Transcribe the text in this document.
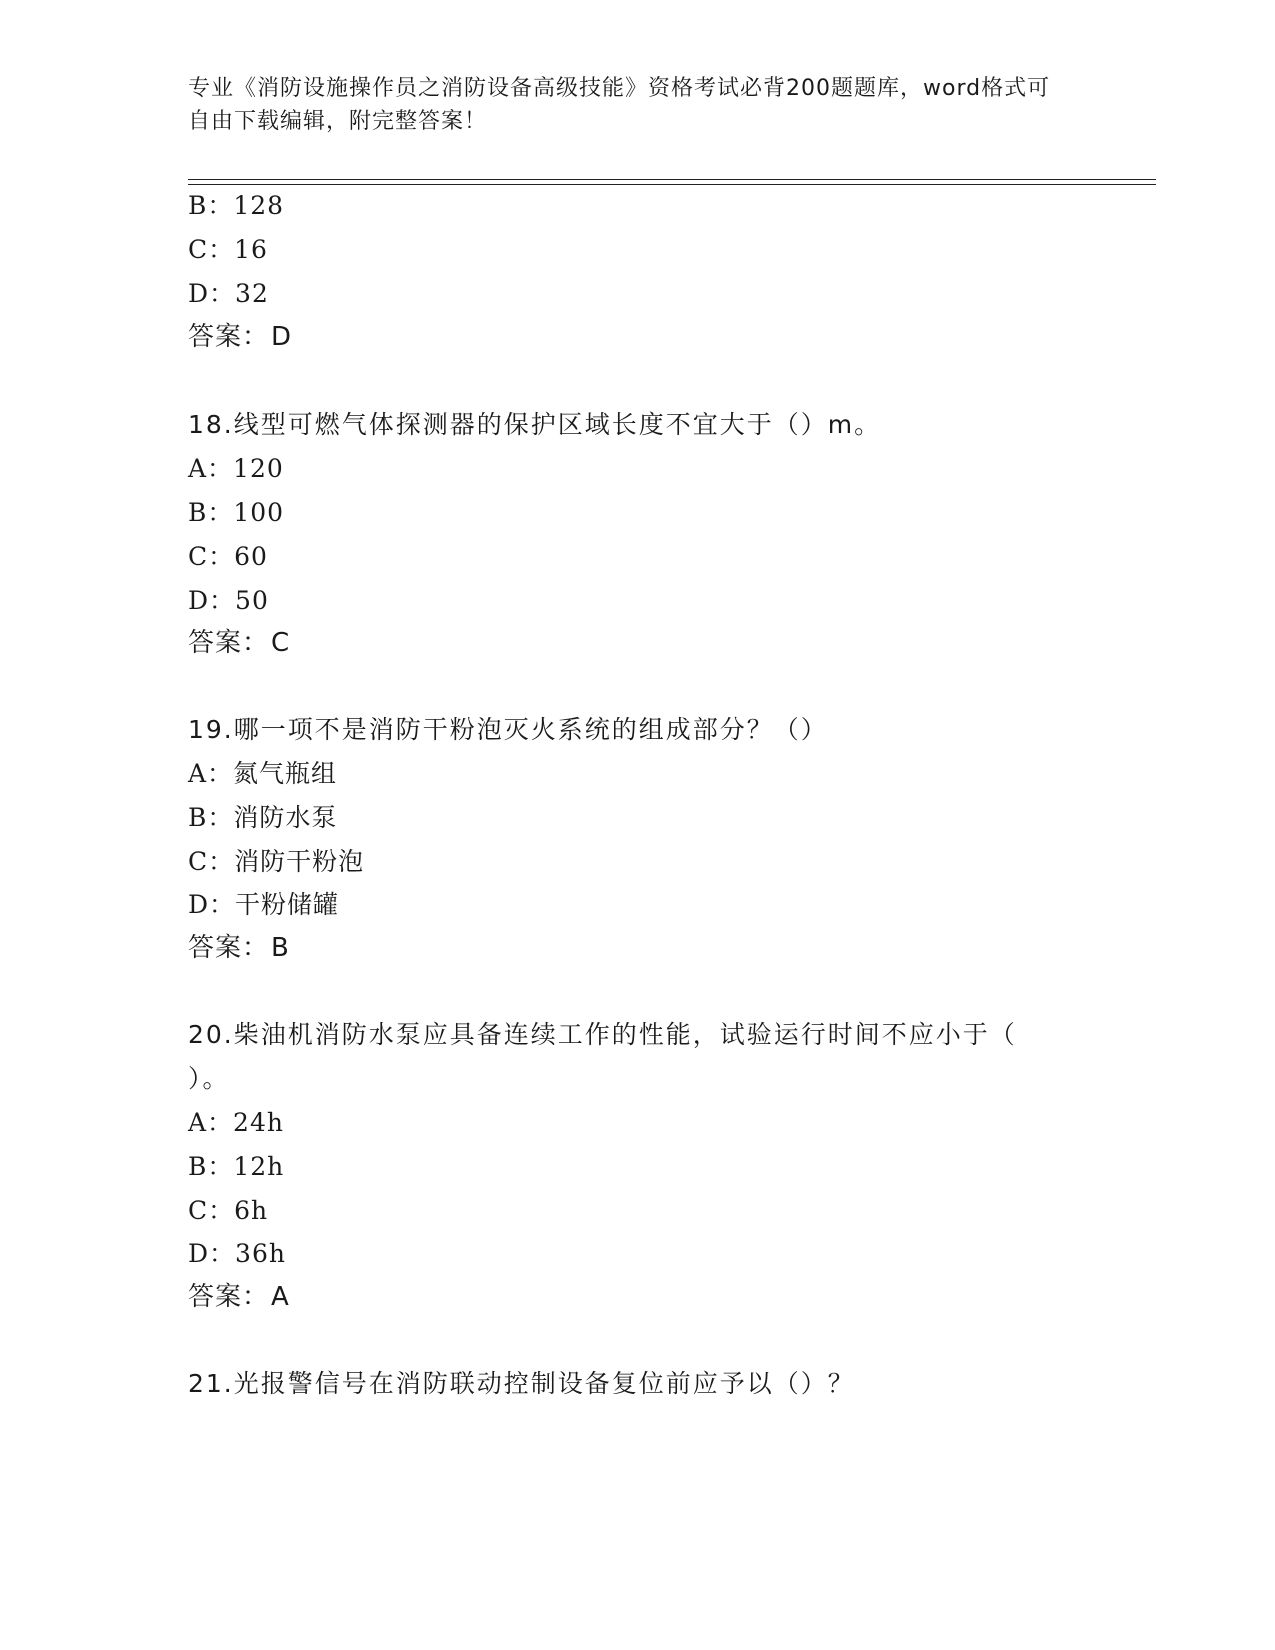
专业《消防设施操作员之消防设备高级技能》资格考试必背200题题库，word格式可自由下载编辑，附完整答案！
B：128
C：16
D：32
答案：D
18.线型可燃气体探测器的保护区域长度不宜大于（）m。
A：120
B：100
C：60
D：50
答案：C
19.哪一项不是消防干粉泡灭火系统的组成部分？（）
A：氮气瓶组
B：消防水泵
C：消防干粉泡
D：干粉储罐
答案：B
20.柴油机消防水泵应具备连续工作的性能，试验运行时间不应小于（
）。
A：24h
B：12h
C：6h
D：36h
答案：A
21.光报警信号在消防联动控制设备复位前应予以（）？
